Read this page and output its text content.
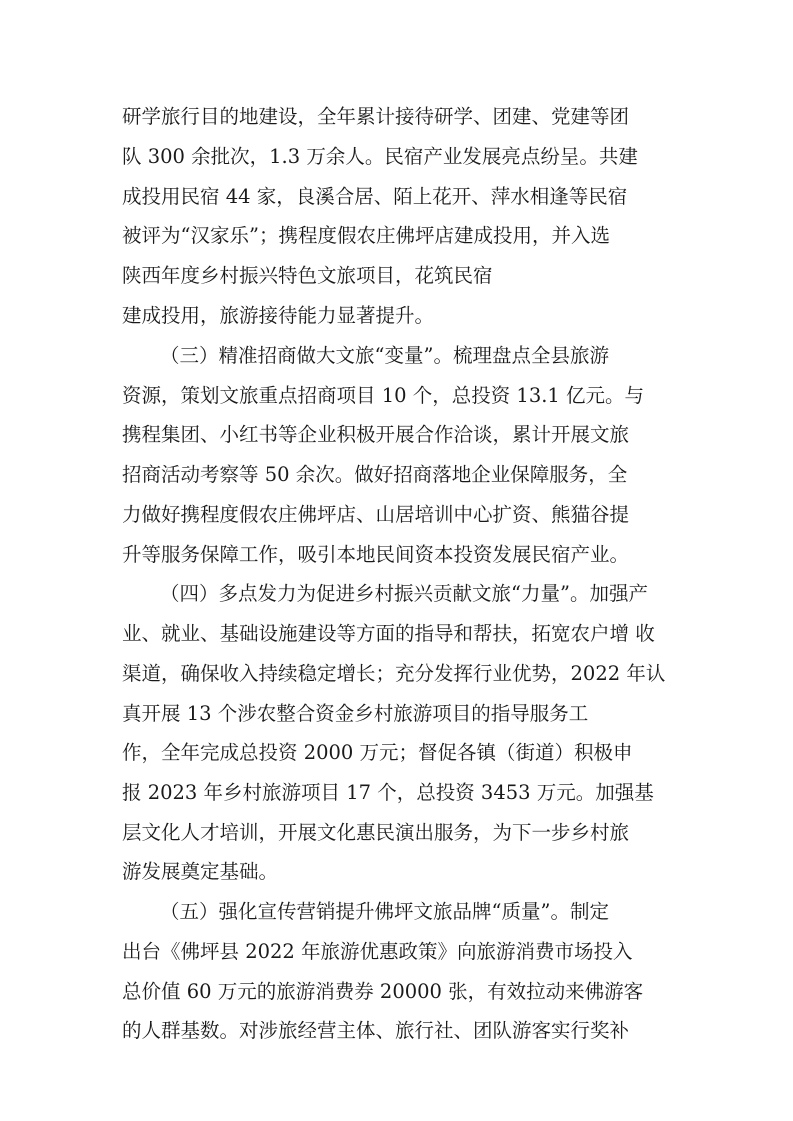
研学旅行目的地建设，全年累计接待研学、团建、党建等团
队 300 余批次，1.3 万余人。民宿产业发展亮点纷呈。共建
成投用民宿 44 家，良溪合居、陌上花开、萍水相逢等民宿
被评为“汉家乐”；携程度假农庄佛坪店建成投用，并入选
陕西年度乡村振兴特色文旅项目，花筑民宿
建成投用，旅游接待能力显著提升。
（三）精准招商做大文旅“变量”。梳理盘点全县旅游
资源，策划文旅重点招商项目 10 个，总投资 13.1 亿元。与
携程集团、小红书等企业积极开展合作洽谈，累计开展文旅
招商活动考察等 50 余次。做好招商落地企业保障服务，全
力做好携程度假农庄佛坪店、山居培训中心扩资、熊猫谷提
升等服务保障工作，吸引本地民间资本投资发展民宿产业。
（四）多点发力为促进乡村振兴贡献文旅“力量”。加强产
业、就业、基础设施建设等方面的指导和帮扶，拓宽农户增 收
渠道，确保收入持续稳定增长；充分发挥行业优势，2022 年认
真开展 13 个涉农整合资金乡村旅游项目的指导服务工
作，全年完成总投资 2000 万元；督促各镇（街道）积极申
报 2023 年乡村旅游项目 17 个，总投资 3453 万元。加强基
层文化人才培训，开展文化惠民演出服务，为下一步乡村旅
游发展奠定基础。
（五）强化宣传营销提升佛坪文旅品牌“质量”。制定
出台《佛坪县 2022 年旅游优惠政策》向旅游消费市场投入
总价值 60 万元的旅游消费券 20000 张，有效拉动来佛游客
的人群基数。对涉旅经营主体、旅行社、团队游客实行奖补
